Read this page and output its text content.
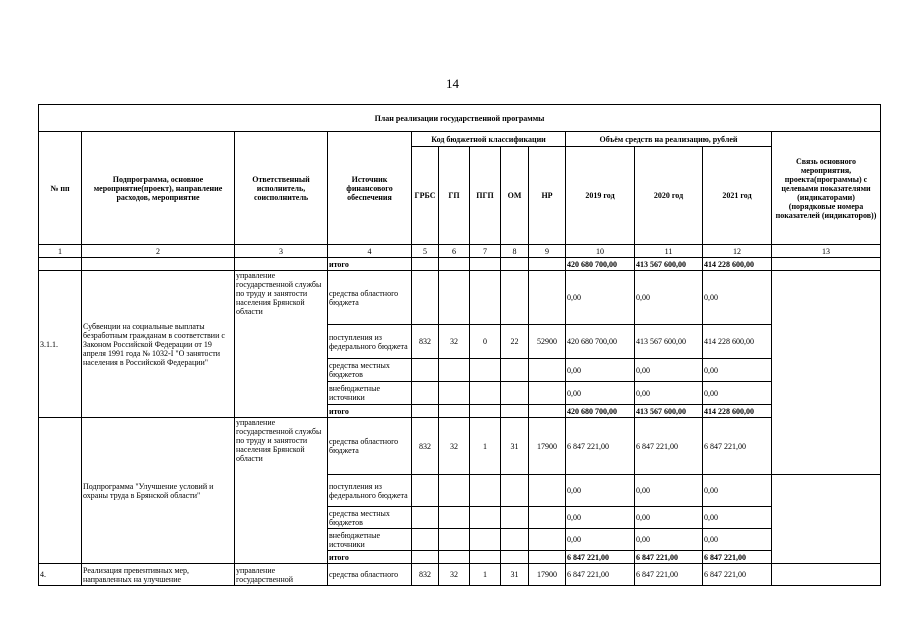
14
План реализации государственной программы													
№ пп	Подпрограмма, основное мероприятие(проект), направление расходов, мероприятие	Ответственный исполнитель, соисполнитель	Источник финансового обеспечения	Код бюджетной классификации					Объём средств на реализацию, рублей			Связь основного мероприятия, проекта(программы) с целевыми показателями (индикаторами) (порядковые номера показателей (индикаторов))	
				ГРБС	ГП	ПГП	ОМ	НР	2019 год	2020 год	2021 год		
1	2	3	4	5	6	7	8	9	10	11	12	13	
			итого						420 680 700,00	413 567 600,00	414 228 600,00		
3.1.1.	Субвенции на социальные выплаты безработным гражданам в соответствии с Законом Российской Федерации от 19 апреля 1991 года № 1032-I "О занятости населения в Российской Федерации"	управление государственной службы по труду и занятости населения Брянской области	средства областного бюджета						0,00	0,00	0,00		
			поступления из федерального бюджета	832	32	0	22	52900	420 680 700,00	413 567 600,00	414 228 600,00		
			средства местных бюджетов						0,00	0,00	0,00		
			внебюджетные источники						0,00	0,00	0,00		
			итого						420 680 700,00	413 567 600,00	414 228 600,00		
	Подпрограмма "Улучшение условий и охраны труда в Брянской области"	управление государственной службы по труду и занятости населения Брянской области	средства областного бюджета	832	32	1	31	17900	6 847 221,00	6 847 221,00	6 847 221,00		
			поступления из федерального бюджета						0,00	0,00	0,00		
			средства местных бюджетов						0,00	0,00	0,00		
			внебюджетные источники						0,00	0,00	0,00		
			итого						6 847 221,00	6 847 221,00	6 847 221,00		
4.	Реализация превентивных мер, направленных на улучшение	управление государственной	средства областного	832	32	1	31	17900	6 847 221,00	6 847 221,00	6 847 221,00		
